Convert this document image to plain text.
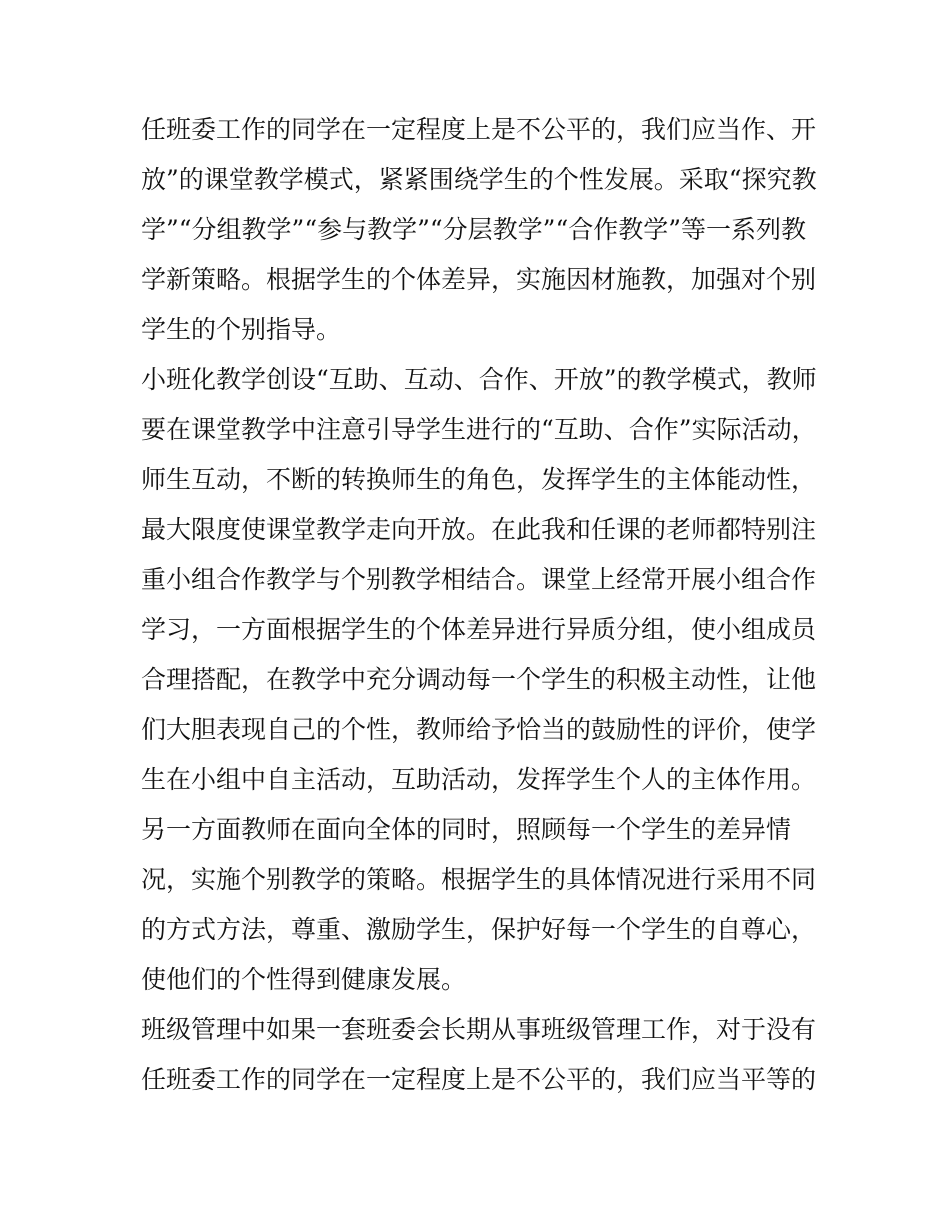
任班委工作的同学在一定程度上是不公平的，我们应当作、开
放”的课堂教学模式，紧紧围绕学生的个性发展。采取“探究教
学”“分组教学”“参与教学”“分层教学”“合作教学”等一系列教
学新策略。根据学生的个体差异，实施因材施教，加强对个别
学生的个别指导。
小班化教学创设“互助、互动、合作、开放”的教学模式，教师
要在课堂教学中注意引导学生进行的“互助、合作”实际活动，
师生互动，不断的转换师生的角色，发挥学生的主体能动性，
最大限度使课堂教学走向开放。在此我和任课的老师都特别注
重小组合作教学与个别教学相结合。课堂上经常开展小组合作
学习，一方面根据学生的个体差异进行异质分组，使小组成员
合理搭配，在教学中充分调动每一个学生的积极主动性，让他
们大胆表现自己的个性，教师给予恰当的鼓励性的评价，使学
生在小组中自主活动，互助活动，发挥学生个人的主体作用。
另一方面教师在面向全体的同时，照顾每一个学生的差异情
况，实施个别教学的策略。根据学生的具体情况进行采用不同
的方式方法，尊重、激励学生，保护好每一个学生的自尊心，
使他们的个性得到健康发展。
班级管理中如果一套班委会长期从事班级管理工作，对于没有
任班委工作的同学在一定程度上是不公平的，我们应当平等的
